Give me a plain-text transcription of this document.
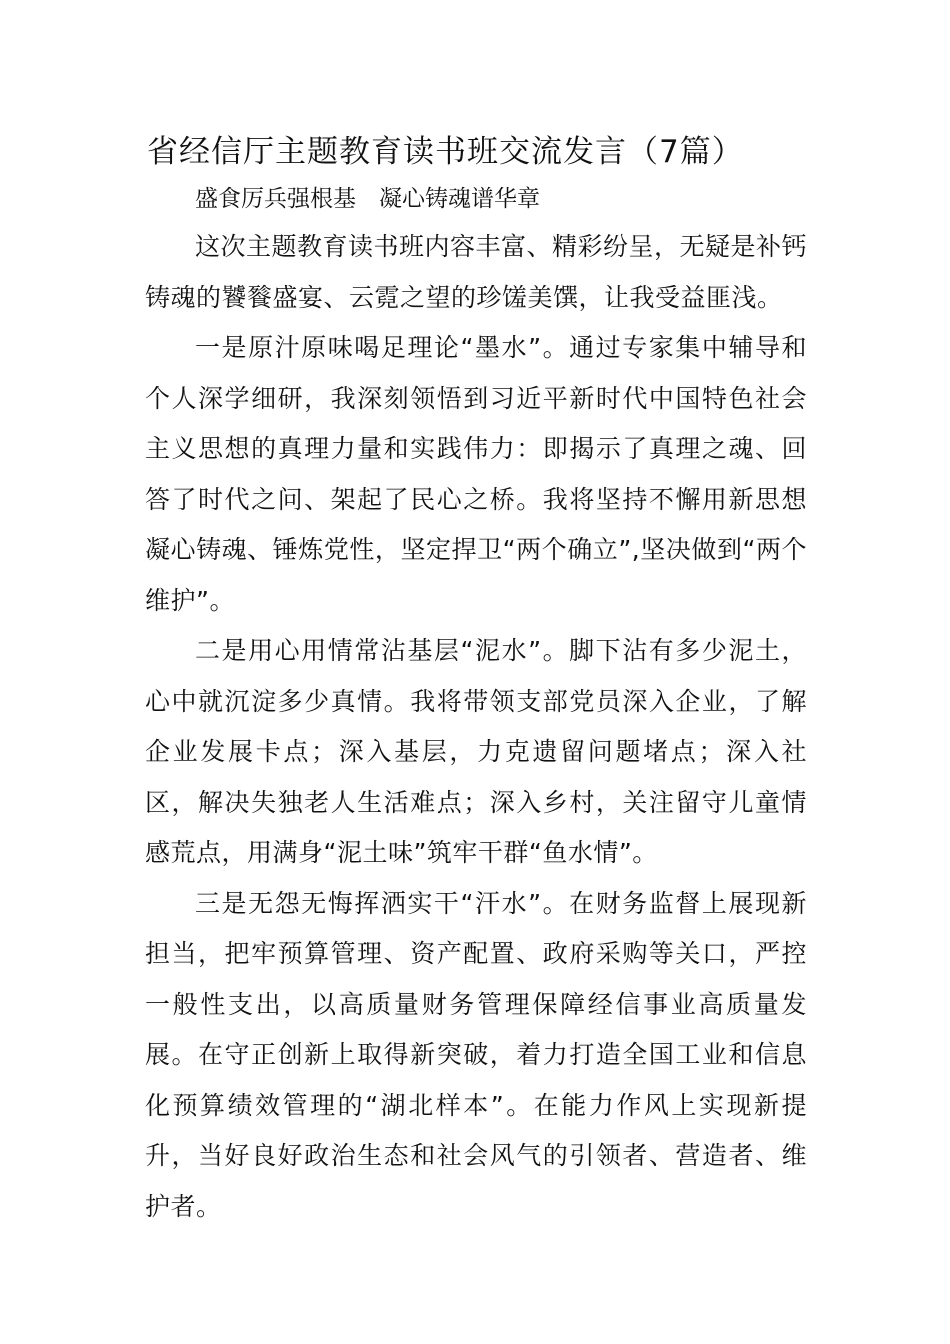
省经信厅主题教育读书班交流发言（7篇）

盛食厉兵强根基　凝心铸魂谱华章

这次主题教育读书班内容丰富、精彩纷呈，无疑是补钙铸魂的饕餮盛宴、云霓之望的珍馐美馔，让我受益匪浅。

一是原汁原味喝足理论“墨水”。通过专家集中辅导和个人深学细研，我深刻领悟到习近平新时代中国特色社会主义思想的真理力量和实践伟力：即揭示了真理之魂、回答了时代之问、架起了民心之桥。我将坚持不懈用新思想凝心铸魂、锤炼党性，坚定捍卫“两个确立”,坚决做到“两个维护”。

二是用心用情常沾基层“泥水”。脚下沾有多少泥土，心中就沉淀多少真情。我将带领支部党员深入企业，了解企业发展卡点；深入基层，力克遗留问题堵点；深入社区，解决失独老人生活难点；深入乡村，关注留守儿童情感荒点，用满身“泥土味”筑牢干群“鱼水情”。

三是无怨无悔挥洒实干“汗水”。在财务监督上展现新担当，把牢预算管理、资产配置、政府采购等关口，严控一般性支出，以高质量财务管理保障经信事业高质量发展。在守正创新上取得新突破，着力打造全国工业和信息化预算绩效管理的“湖北样本”。在能力作风上实现新提升，当好良好政治生态和社会风气的引领者、营造者、维护者。
